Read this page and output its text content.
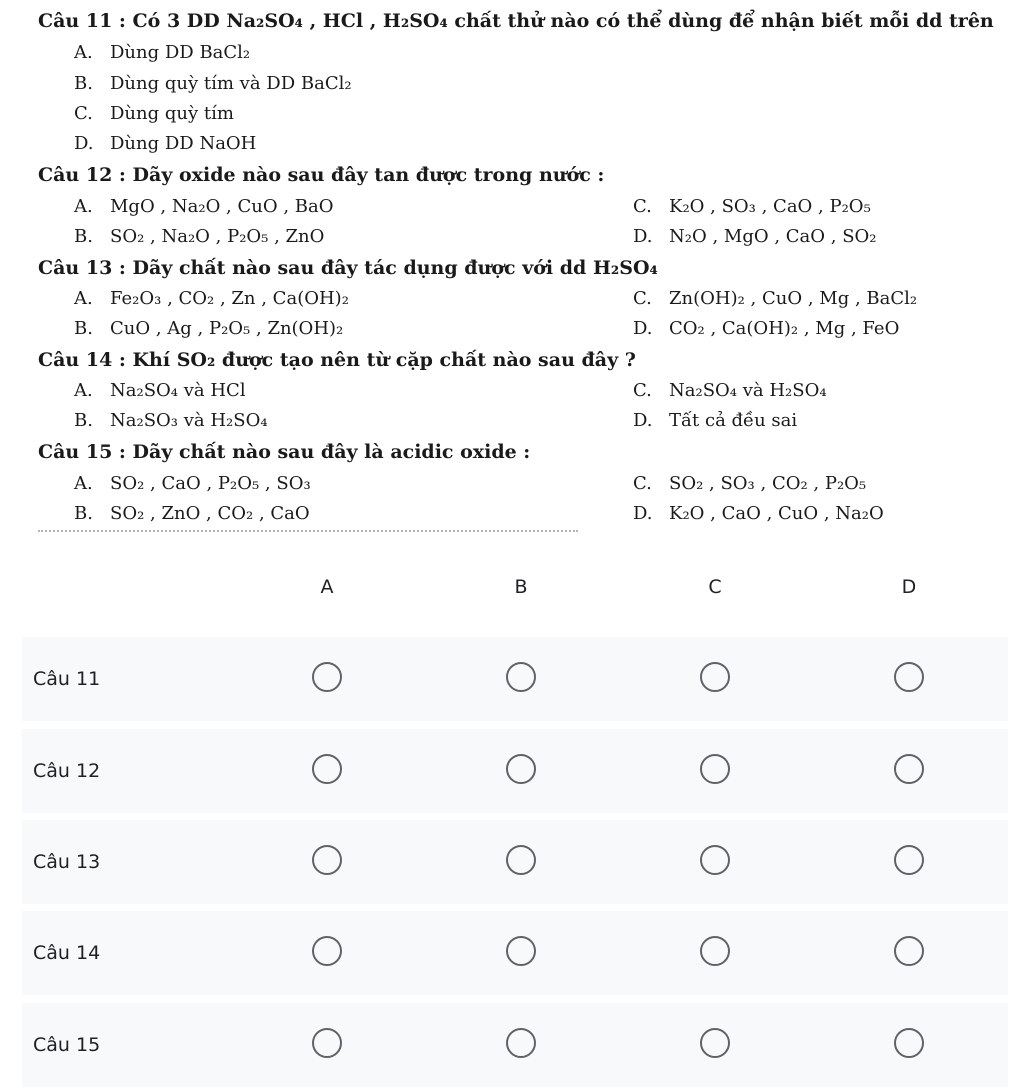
Câu 11 : Có 3 DD Na₂SO₄ , HCl , H₂SO₄ chất thử nào có thể dùng để nhận biết mỗi dd trên
A. Dùng DD BaCl₂
B. Dùng quỳ tím và DD BaCl₂
C. Dùng quỳ tím
D. Dùng DD NaOH
Câu 12 : Dãy oxide nào sau đây tan được trong nước :
A. MgO , Na₂O , CuO , BaO
B. SO₂ , Na₂O , P₂O₅ , ZnO
C. K₂O , SO₃ , CaO , P₂O₅
D. N₂O , MgO , CaO , SO₂
Câu 13 : Dãy chất nào sau đây tác dụng được với dd H₂SO₄
A. Fe₂O₃ , CO₂ , Zn , Ca(OH)₂
B. CuO , Ag , P₂O₅ , Zn(OH)₂
C. Zn(OH)₂ , CuO , Mg , BaCl₂
D. CO₂ , Ca(OH)₂ , Mg , FeO
Câu 14 : Khí SO₂ được tạo nên từ cặp chất nào sau đây ?
A. Na₂SO₄ và HCl
B. Na₂SO₃ và H₂SO₄
C. Na₂SO₄ và H₂SO₄
D. Tất cả đều sai
Câu 15 : Dãy chất nào sau đây là acidic oxide :
A. SO₂ , CaO , P₂O₅ , SO₃
B. SO₂ , ZnO , CO₂ , CaO
C. SO₂ , SO₃ , CO₂ , P₂O₅
D. K₂O , CaO , CuO , Na₂O
A	B	C	D
Câu 11
Câu 12
Câu 13
Câu 14
Câu 15
